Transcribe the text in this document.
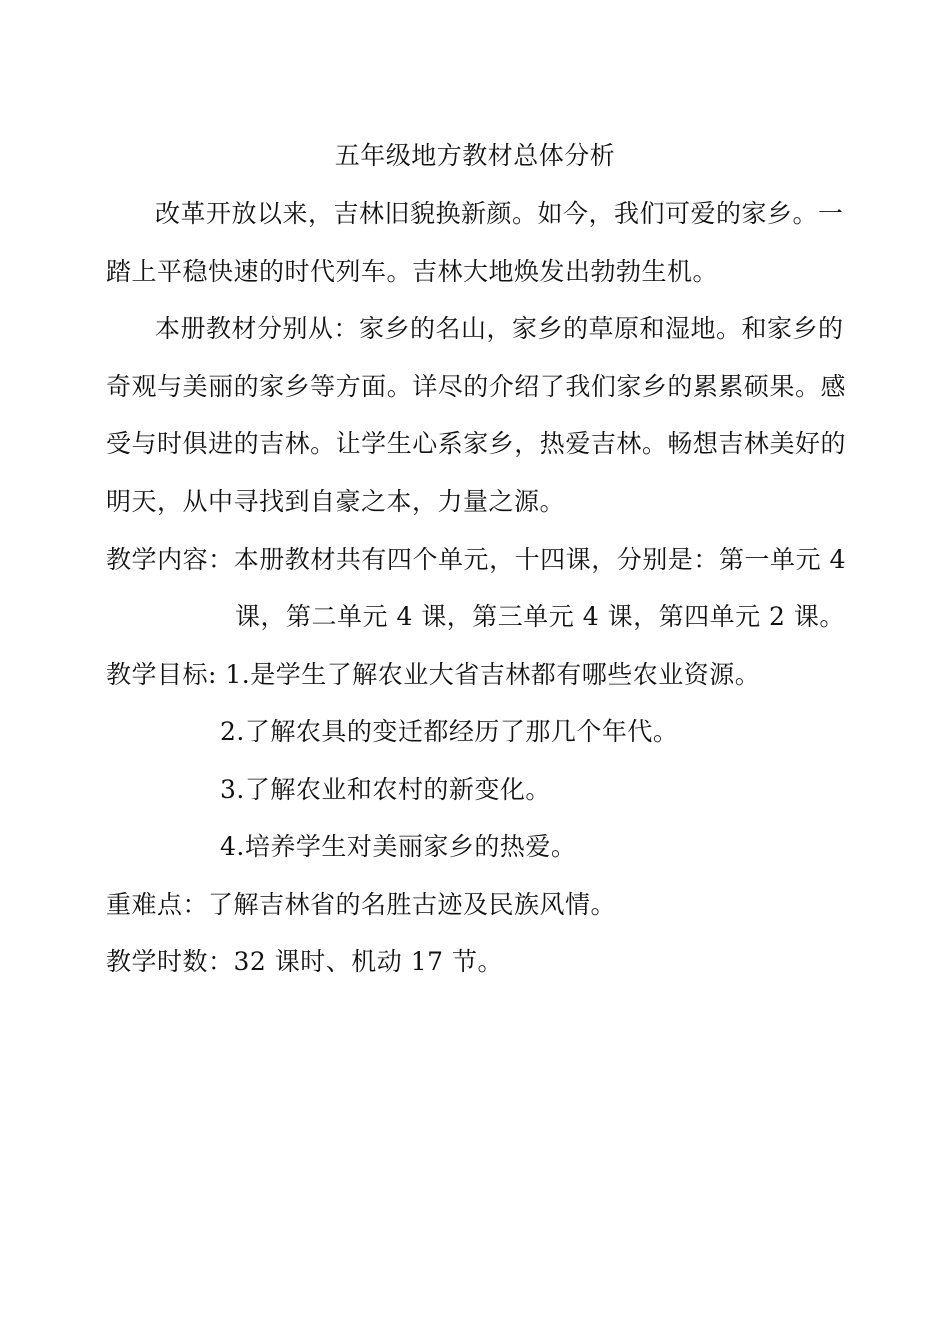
五年级地方教材总体分析
改革开放以来，吉林旧貌换新颜。如今，我们可爱的家乡。一
踏上平稳快速的时代列车。吉林大地焕发出勃勃生机。
本册教材分别从：家乡的名山，家乡的草原和湿地。和家乡的
奇观与美丽的家乡等方面。详尽的介绍了我们家乡的累累硕果。感
受与时俱进的吉林。让学生心系家乡，热爱吉林。畅想吉林美好的
明天，从中寻找到自豪之本，力量之源。
教学内容：本册教材共有四个单元，十四课，分别是：第一单元 4
课，第二单元 4 课，第三单元 4 课，第四单元 2 课。
教学目标: 1.是学生了解农业大省吉林都有哪些农业资源。
2.了解农具的变迁都经历了那几个年代。
3.了解农业和农村的新变化。
4.培养学生对美丽家乡的热爱。
重难点：了解吉林省的名胜古迹及民族风情。
教学时数：32 课时、机动 17 节。
